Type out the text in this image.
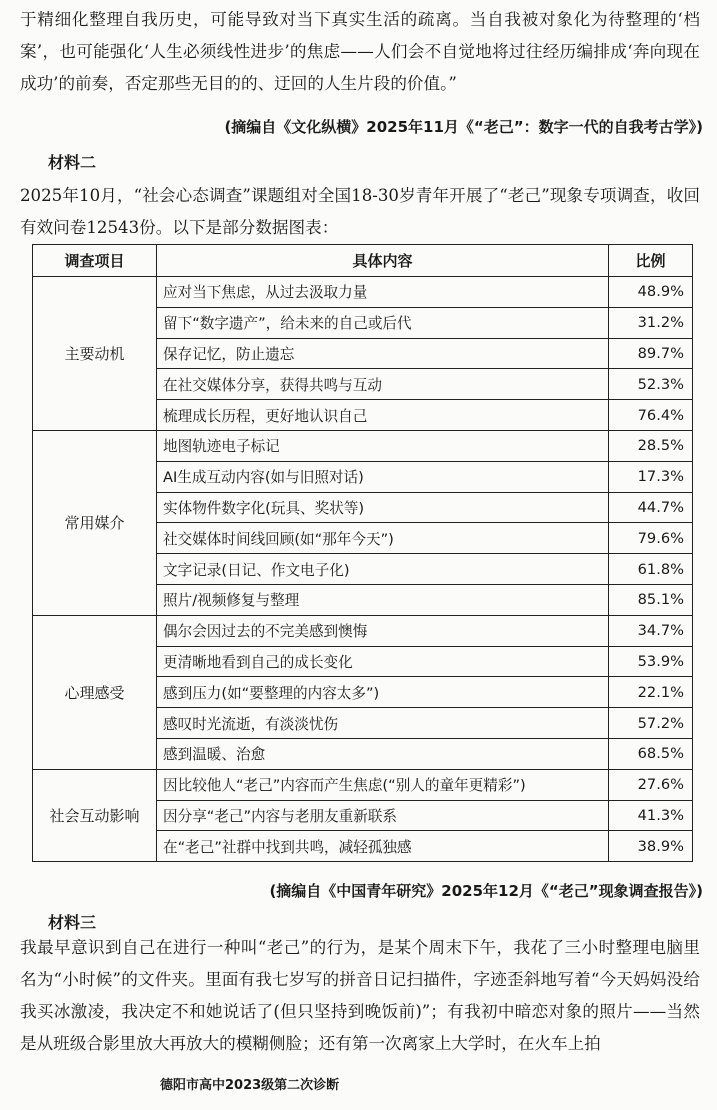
于精细化整理自我历史，可能导致对当下真实生活的疏离。当自我被对象化为待整理的‘档案’，也可能强化‘人生必须线性进步’的焦虑——人们会不自觉地将过往经历编排成‘奔向现在成功’的前奏，否定那些无目的的、迂回的人生片段的价值。”

(摘编自《文化纵横》2025年11月《“老己”：数字一代的自我考古学》)
材料二

2025年10月，“社会心态调查”课题组对全国18-30岁青年开展了“老己”现象专项调查，收回有效问卷12543份。以下是部分数据图表：

调查项目	具体内容	比例
主要动机	应对当下焦虑，从过去汲取力量	48.9%
	留下“数字遗产”，给未来的自己或后代	31.2%
	保存记忆，防止遗忘	89.7%
	在社交媒体分享，获得共鸣与互动	52.3%
	梳理成长历程，更好地认识自己	76.4%
常用媒介	地图轨迹电子标记	28.5%
	AI生成互动内容(如与旧照对话)	17.3%
	实体物件数字化(玩具、奖状等)	44.7%
	社交媒体时间线回顾(如“那年今天”)	79.6%
	文字记录(日记、作文电子化)	61.8%
	照片/视频修复与整理	85.1%
心理感受	偶尔会因过去的不完美感到懊悔	34.7%
	更清晰地看到自己的成长变化	53.9%
	感到压力(如“要整理的内容太多”)	22.1%
	感叹时光流逝，有淡淡忧伤	57.2%
	感到温暖、治愈	68.5%
社会互动影响	因比较他人“老己”内容而产生焦虑(“别人的童年更精彩”)	27.6%
	因分享“老己”内容与老朋友重新联系	41.3%
	在“老己”社群中找到共鸣，减轻孤独感	38.9%
(摘编自《中国青年研究》2025年12月《“老己”现象调查报告》)
材料三

我最早意识到自己在进行一种叫“老己”的行为，是某个周末下午，我花了三小时整理电脑里名为“小时候”的文件夹。里面有我七岁写的拼音日记扫描件，字迹歪斜地写着“今天妈妈没给我买冰激凌，我决定不和她说话了(但只坚持到晚饭前)”；有我初中暗恋对象的照片——当然是从班级合影里放大再放大的模糊侧脸；还有第一次离家上大学时，在火车上拍

德阳市高中2023级第二次诊断
